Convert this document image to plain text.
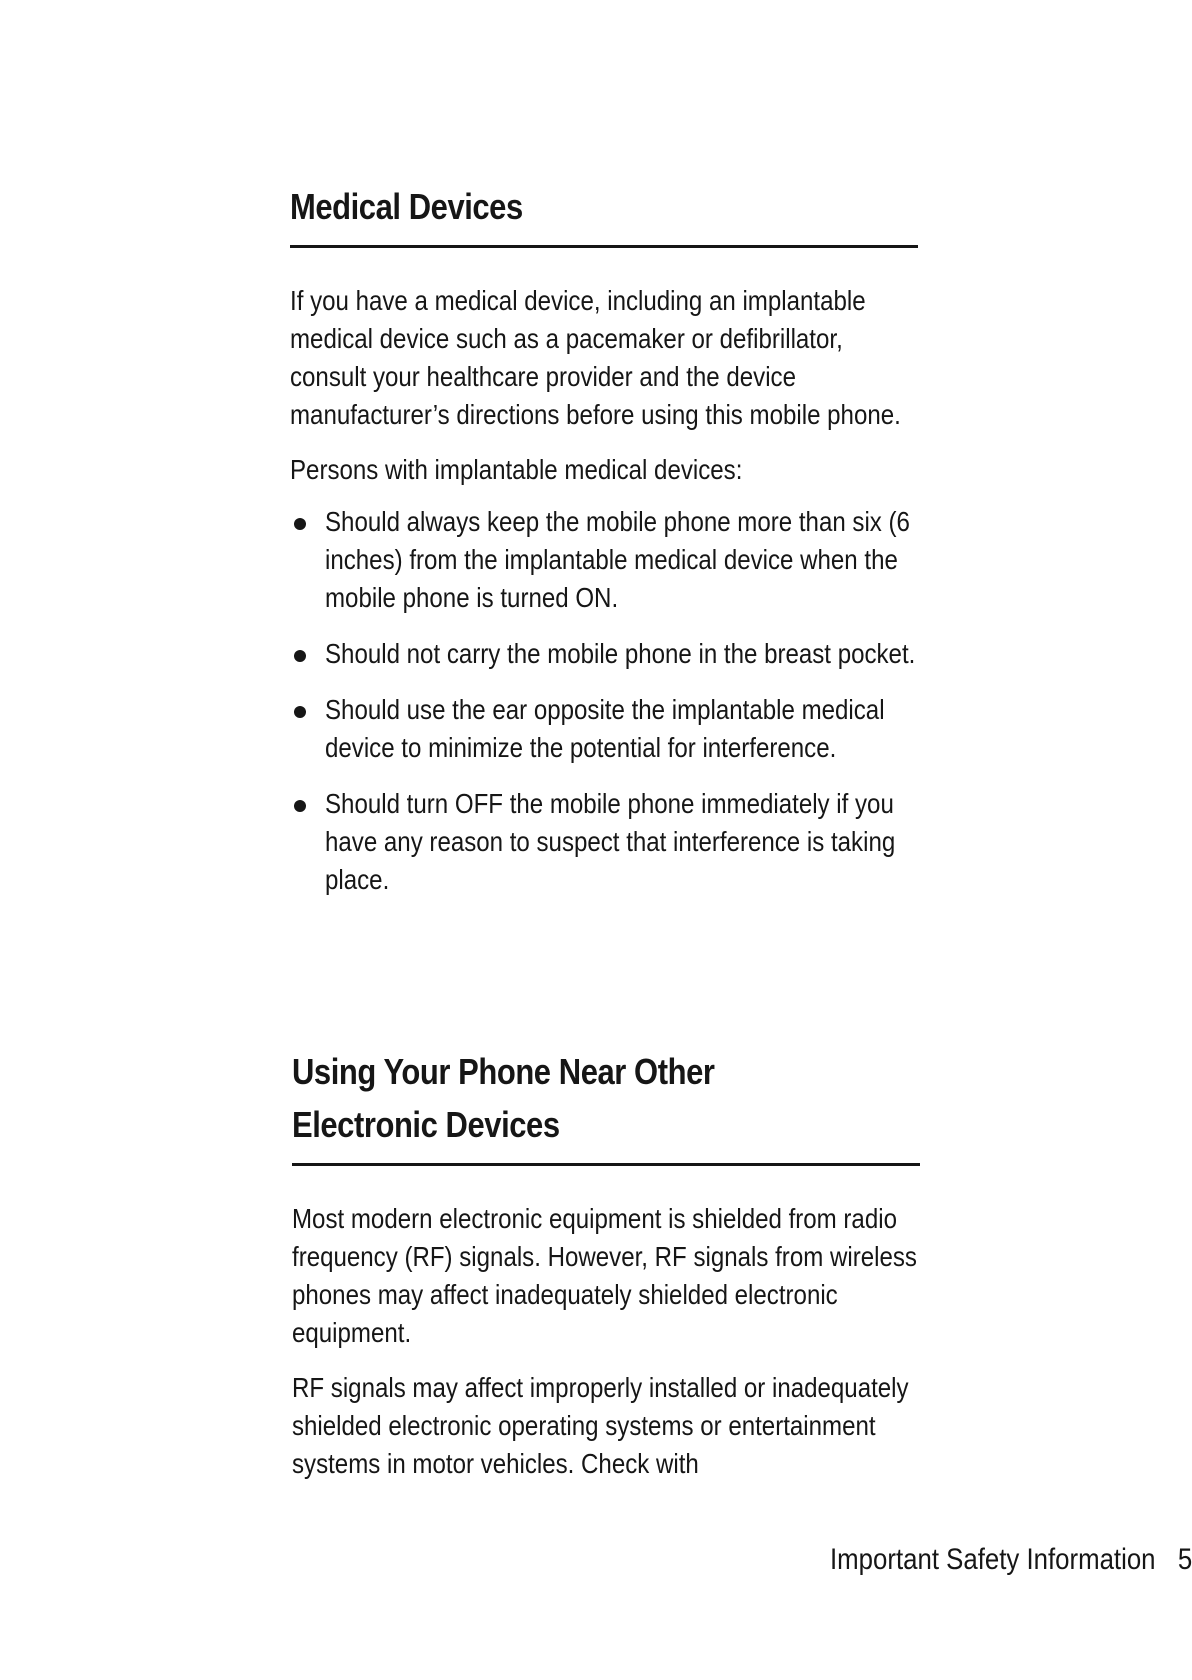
Medical Devices

If you have a medical device, including an implantable medical device such as a pacemaker or defibrillator, consult your healthcare provider and the device manufacturer’s directions before using this mobile phone.

Persons with implantable medical devices:

Should always keep the mobile phone more than six (6 inches) from the implantable medical device when the mobile phone is turned ON.
Should not carry the mobile phone in the breast pocket.
Should use the ear opposite the implantable medical device to minimize the potential for interference.
Should turn OFF the mobile phone immediately if you have any reason to suspect that interference is taking place.
Using Your Phone Near Other
Electronic Devices

Most modern electronic equipment is shielded from radio frequency (RF) signals. However, RF signals from wireless phones may affect inadequately shielded electronic equipment.

RF signals may affect improperly installed or inadequately shielded electronic operating systems or entertainment systems in motor vehicles. Check with

Important Safety Information 5
